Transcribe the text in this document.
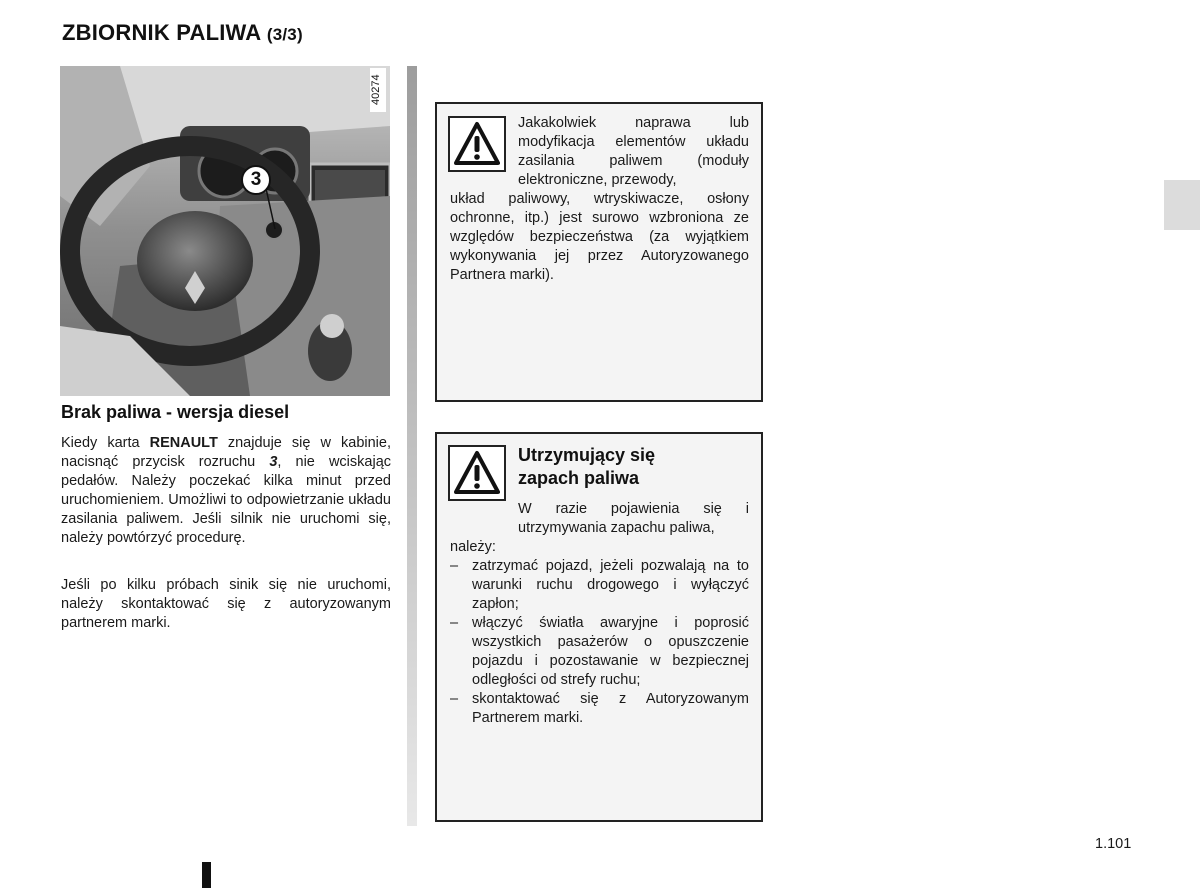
ZBIORNIK PALIWA (3/3)
40274
3
Brak paliwa - wersja diesel
Kiedy karta RENAULT znajduje się w kabinie, nacisnąć przycisk rozruchu 3, nie wciskając pedałów. Należy poczekać kilka minut przed uruchomieniem. Umożliwi to odpowietrzanie układu zasilania paliwem. Jeśli silnik nie uruchomi się, należy powtórzyć procedurę.
Jeśli po kilku próbach sinik się nie uruchomi, należy skontaktować się z autoryzowanym partnerem marki.
Jakakolwiek naprawa lub modyfikacja elementów układu zasilania paliwem (moduły elektroniczne, przewody,
układ paliwowy, wtryskiwacze, osłony ochronne, itp.) jest surowo wzbroniona ze względów bezpieczeństwa (za wyjątkiem wykonywania jej przez Autoryzowanego Partnera marki).
Utrzymujący się
zapach paliwa
W razie pojawienia się i utrzymywania zapachu paliwa,
należy:
– zatrzymać pojazd, jeżeli pozwalają na to warunki ruchu drogowego i wyłączyć zapłon;
– włączyć światła awaryjne i poprosić wszystkich pasażerów o opuszczenie pojazdu i pozostawanie w bezpiecznej odległości od strefy ruchu;
– skontaktować się z Autoryzowanym Partnerem marki.
1.101
